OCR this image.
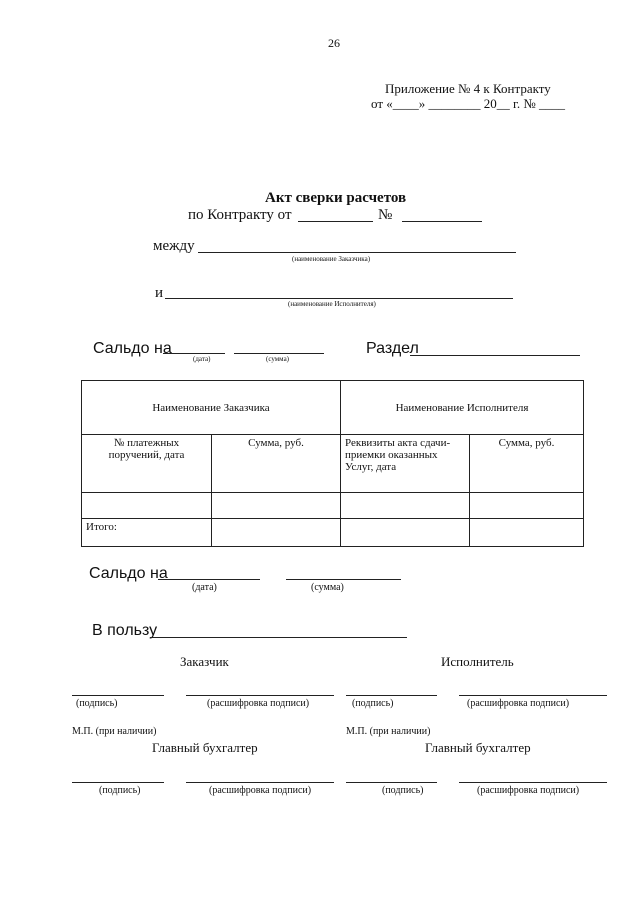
26
Приложение № 4 к Контракту
от «____» ________ 20__ г. № ____
Акт сверки расчетов
по Контракту от	№
между
(наименование Заказчика)
и
(наименование Исполнителя)
Сальдо на
(дата)	(сумма)
Раздел
Наименование Заказчика		Наименование Исполнителя	
№ платежных поручений, дата	Сумма, руб.	Реквизиты акта сдачи-приемки оказанных Услуг, дата	Сумма, руб.

Итого:			
Сальдо на
(дата)	(сумма)
В пользу
Заказчик	Исполнитель
(подпись)	(расшифровка подписи)	(подпись)	(расшифровка подписи)
М.П. (при наличии)	М.П. (при наличии)
Главный бухгалтер	Главный бухгалтер
(подпись)	(расшифровка подписи)	(подпись)	(расшифровка подписи)
